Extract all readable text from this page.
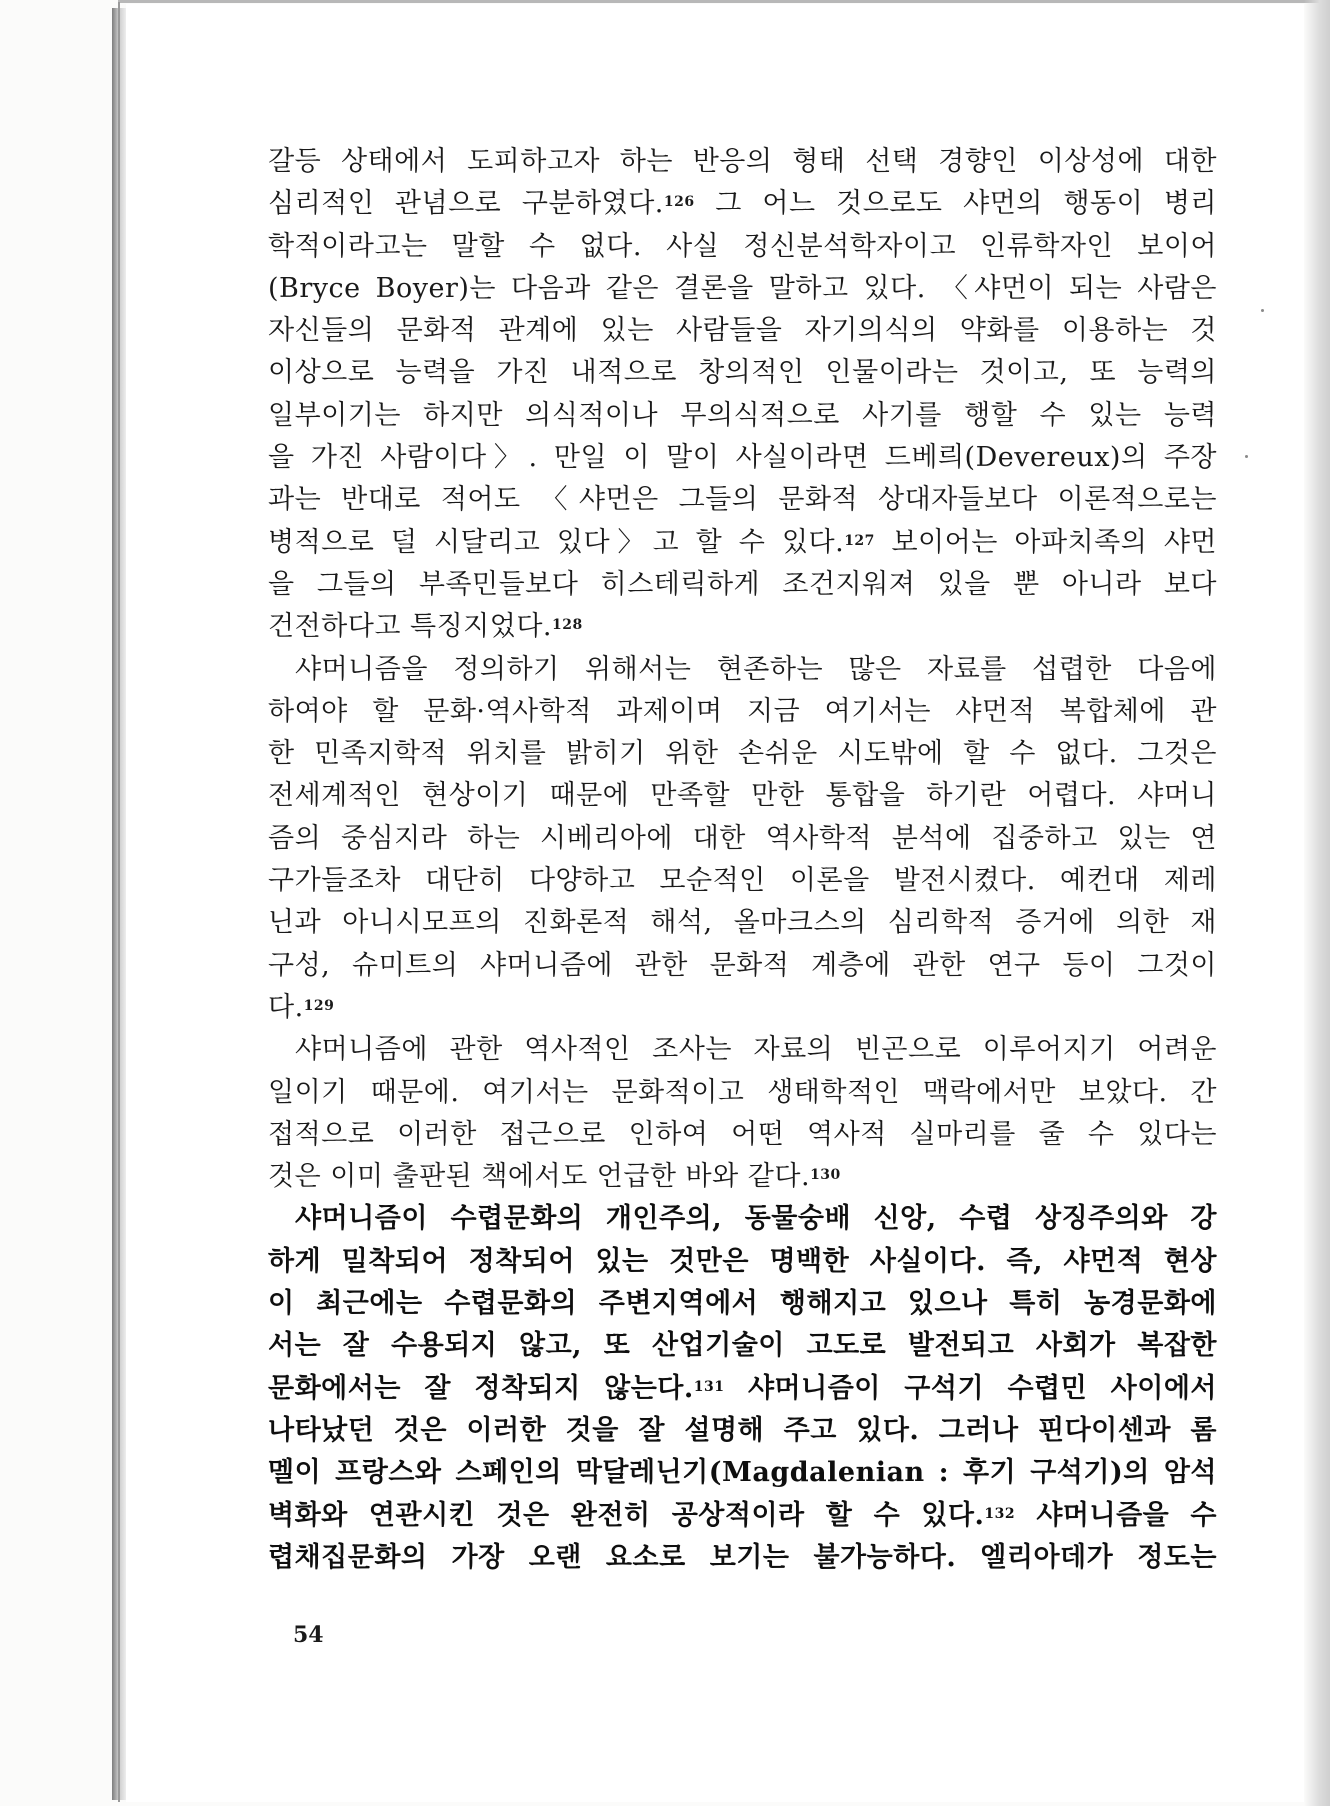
갈등 상태에서 도피하고자 하는 반응의 형태 선택 경향인 이상성에 대한
심리적인 관념으로 구분하였다.$^{126}$ 그 어느 것으로도 샤먼의 행동이 병리
학적이라고는 말할 수 없다. 사실 정신분석학자이고 인류학자인 보이어
(Bryce Boyer)는 다음과 같은 결론을 말하고 있다. 〈샤먼이 되는 사람은
자신들의 문화적 관계에 있는 사람들을 자기의식의 약화를 이용하는 것
이상으로 능력을 가진 내적으로 창의적인 인물이라는 것이고, 또 능력의
일부이기는 하지만 의식적이나 무의식적으로 사기를 행할 수 있는 능력
을 가진 사람이다〉. 만일 이 말이 사실이라면 드베릐(Devereux)의 주장
과는 반대로 적어도 〈샤먼은 그들의 문화적 상대자들보다 이론적으로는
병적으로 덜 시달리고 있다〉고 할 수 있다.$^{127}$ 보이어는 아파치족의 샤먼
을 그들의 부족민들보다 히스테릭하게 조건지워져 있을 뿐 아니라 보다
건전하다고 특징지었다.$^{128}$
샤머니즘을 정의하기 위해서는 현존하는 많은 자료를 섭렵한 다음에
하여야 할 문화·역사학적 과제이며 지금 여기서는 샤먼적 복합체에 관
한 민족지학적 위치를 밝히기 위한 손쉬운 시도밖에 할 수 없다. 그것은
전세계적인 현상이기 때문에 만족할 만한 통합을 하기란 어렵다. 샤머니
즘의 중심지라 하는 시베리아에 대한 역사학적 분석에 집중하고 있는 연
구가들조차 대단히 다양하고 모순적인 이론을 발전시켰다. 예컨대 제레
닌과 아니시모프의 진화론적 해석, 올마크스의 심리학적 증거에 의한 재
구성, 슈미트의 샤머니즘에 관한 문화적 계층에 관한 연구 등이 그것이
다.$^{129}$
샤머니즘에 관한 역사적인 조사는 자료의 빈곤으로 이루어지기 어려운
일이기 때문에. 여기서는 문화적이고 생태학적인 맥락에서만 보았다. 간
접적으로 이러한 접근으로 인하여 어떤 역사적 실마리를 줄 수 있다는
것은 이미 출판된 책에서도 언급한 바와 같다.$^{130}$
샤머니즘이 수렵문화의 개인주의, 동물숭배 신앙, 수렵 상징주의와 강
하게 밀착되어 정착되어 있는 것만은 명백한 사실이다. 즉, 샤먼적 현상
이 최근에는 수렵문화의 주변지역에서 행해지고 있으나 특히 농경문화에
서는 잘 수용되지 않고, 또 산업기술이 고도로 발전되고 사회가 복잡한
문화에서는 잘 정착되지 않는다.$^{131}$ 샤머니즘이 구석기 수렵민 사이에서
나타났던 것은 이러한 것을 잘 설명해 주고 있다. 그러나 핀다이센과 롬
멜이 프랑스와 스페인의 막달레닌기(Magdalenian : 후기 구석기)의 암석
벽화와 연관시킨 것은 완전히 공상적이라 할 수 있다.$^{132}$ 샤머니즘을 수
렵채집문화의 가장 오랜 요소로 보기는 불가능하다. 엘리아데가 정도는
54
